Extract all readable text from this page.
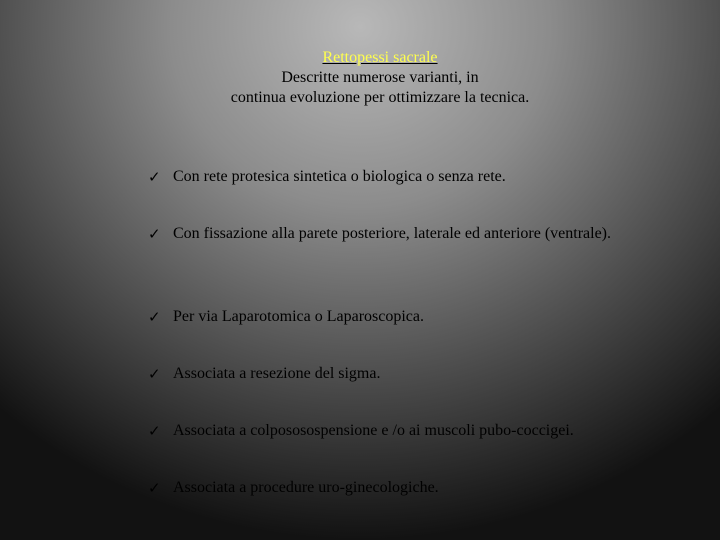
Rettopessi sacrale
Descritte numerose varianti, in
continua evoluzione per ottimizzare la tecnica.
✓ Con rete protesica sintetica o biologica o senza rete.
✓ Con fissazione alla parete posteriore, laterale ed anteriore (ventrale).
✓ Per via Laparotomica o Laparoscopica.
✓ Associata a resezione del sigma.
✓ Associata a colpososospensione e /o ai muscoli pubo-coccigei.
✓ Associata a procedure uro-ginecologiche.
